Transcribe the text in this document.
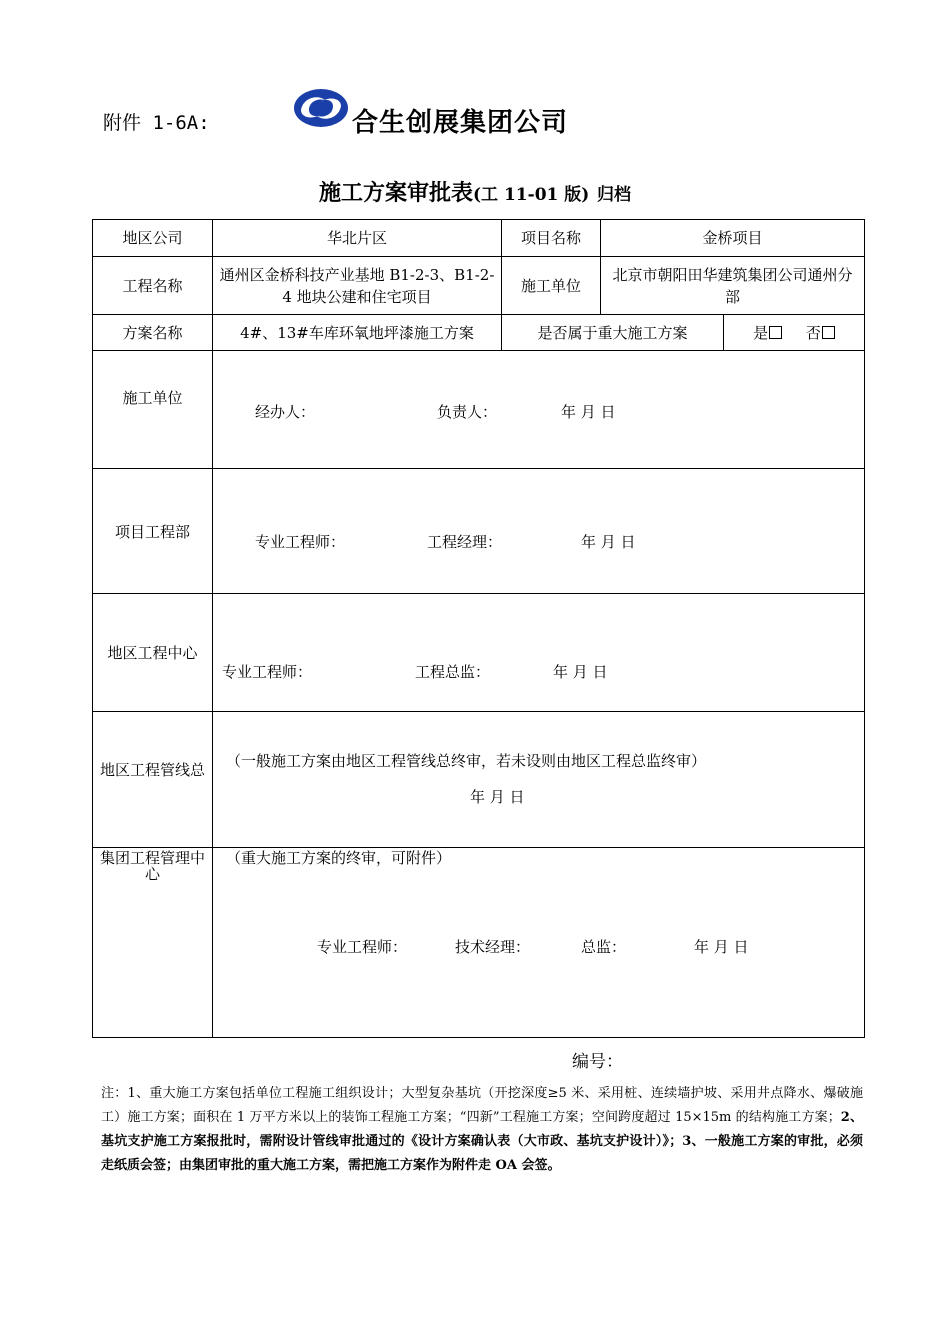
附件 1-6A:	合生创展集团公司
施工方案审批表(工 11-01 版) 归档
地区公司	华北片区	项目名称	金桥项目	
工程名称	通州区金桥科技产业基地 B1-2-3、B1-2-4 地块公建和住宅项目	施工单位	北京市朝阳田华建筑集团公司通州分部	
方案名称	4#、13#车库环氧地坪漆施工方案	是否属于重大施工方案		是 否
施工单位	经办人： 负责人： 年 月 日			

项目工程部	专业工程师： 工程经理： 年 月 日			

地区工程中心	专业工程师： 工程总监： 年 月 日			

地区工程管线总	（一般施工方案由地区工程管线总终审，若未设则由地区工程总监终审）
年 月 日			

集团工程管理中心	（重大施工方案的终审，可附件）
专业工程师： 技术经理： 总监： 年 月 日			
编号：
注：1、重大施工方案包括单位工程施工组织设计；大型复杂基坑（开挖深度≥5 米、采用桩、连续墙护坡、采用井点降水、爆破施工）施工方案；面积在 1 万平方米以上的装饰工程施工方案；“四新”工程施工方案；空间跨度超过 15×15m 的结构施工方案；2、基坑支护施工方案报批时，需附设计管线审批通过的《设计方案确认表（大市政、基坑支护设计）》；3、一般施工方案的审批，必须走纸质会签；由集团审批的重大施工方案，需把施工方案作为附件走 OA 会签。
